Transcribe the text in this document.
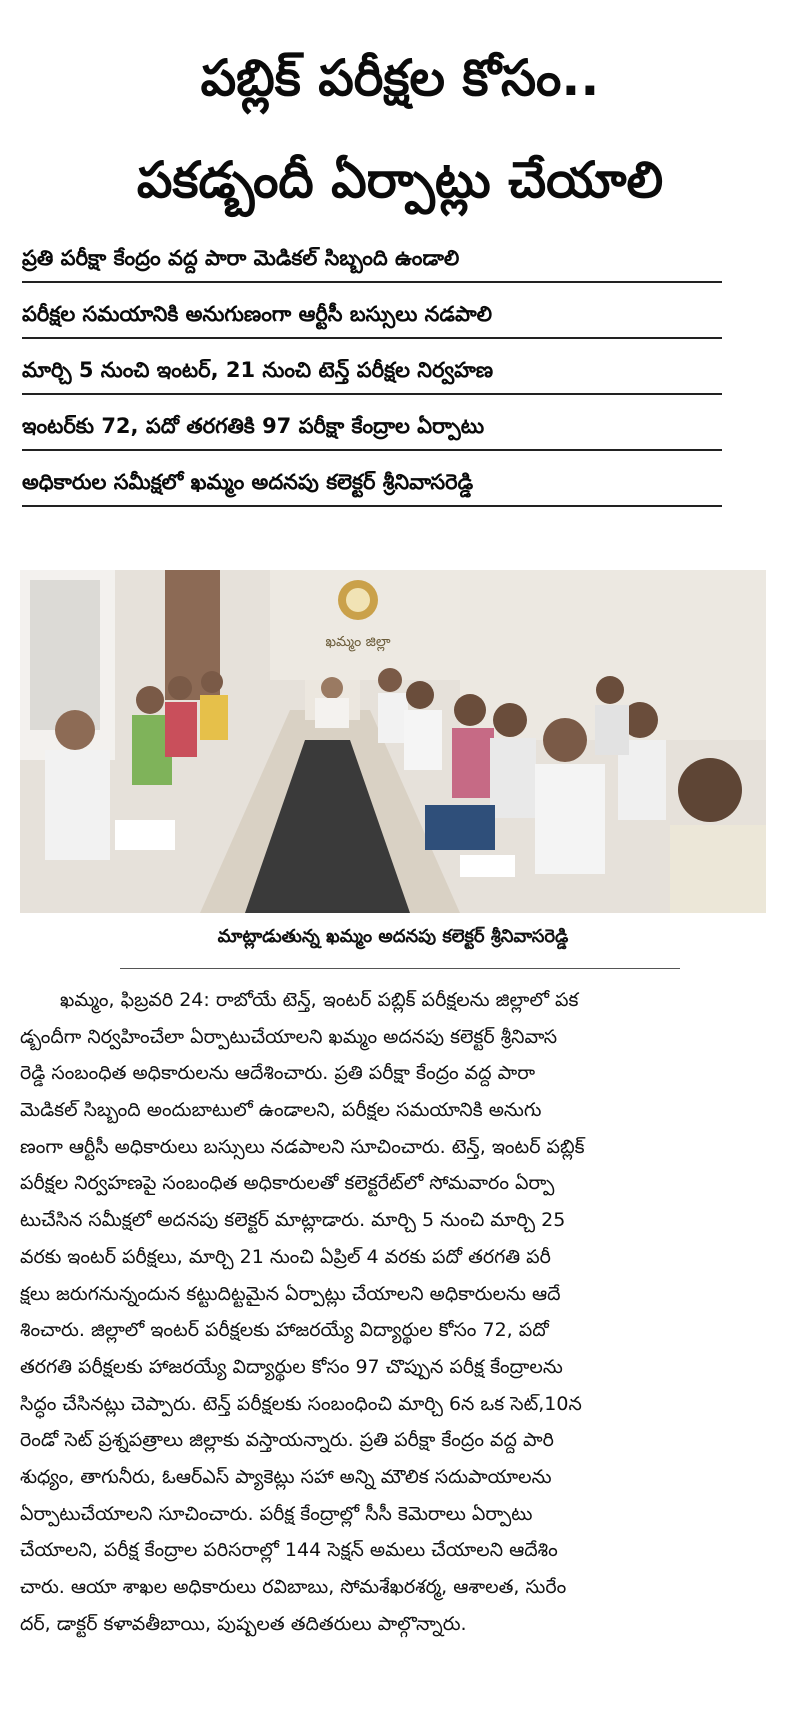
పబ్లిక్ పరీక్షల కోసం..
పకడ్బందీ ఏర్పాట్లు చేయాలి
ప్రతి పరీక్షా కేంద్రం వద్ద పారా మెడికల్ సిబ్బంది ఉండాలి
పరీక్షల సమయానికి అనుగుణంగా ఆర్టీసీ బస్సులు నడపాలి
మార్చి 5 నుంచి ఇంటర్, 21 నుంచి టెన్త్ పరీక్షల నిర్వహణ
ఇంటర్‌కు 72, పదో తరగతికి 97 పరీక్షా కేంద్రాల ఏర్పాటు
అధికారుల సమీక్షలో ఖమ్మం అదనపు కలెక్టర్ శ్రీనివాసరెడ్డి
ఖమ్మం జిల్లా
మాట్లాడుతున్న ఖమ్మం అదనపు కలెక్టర్ శ్రీనివాసరెడ్డి
ఖమ్మం, ఫిబ్రవరి 24: రాబోయే టెన్త్, ఇంటర్ పబ్లిక్ పరీక్షలను జిల్లాలో పక
డ్బందీగా నిర్వహించేలా ఏర్పాటుచేయాలని ఖమ్మం అదనపు కలెక్టర్ శ్రీనివాస
రెడ్డి సంబంధిత అధికారులను ఆదేశించారు. ప్రతి పరీక్షా కేంద్రం వద్ద పారా
మెడికల్ సిబ్బంది అందుబాటులో ఉండాలని, పరీక్షల సమయానికి అనుగు
ణంగా ఆర్టీసీ అధికారులు బస్సులు నడపాలని సూచించారు. టెన్త్, ఇంటర్ పబ్లిక్
పరీక్షల నిర్వహణపై సంబంధిత అధికారులతో కలెక్టరేట్‌లో సోమవారం ఏర్పా
టుచేసిన సమీక్షలో అదనపు కలెక్టర్ మాట్లాడారు. మార్చి 5 నుంచి మార్చి 25
వరకు ఇంటర్ పరీక్షలు, మార్చి 21 నుంచి ఏప్రిల్ 4 వరకు పదో తరగతి పరీ
క్షలు జరుగనున్నందున కట్టుదిట్టమైన ఏర్పాట్లు చేయాలని అధికారులను ఆదే
శించారు. జిల్లాలో ఇంటర్ పరీక్షలకు హాజరయ్యే విద్యార్థుల కోసం 72, పదో
తరగతి పరీక్షలకు హాజరయ్యే విద్యార్థుల కోసం 97 చొప్పున పరీక్ష కేంద్రాలను
సిద్ధం చేసినట్లు చెప్పారు. టెన్త్ పరీక్షలకు సంబంధించి మార్చి 6న ఒక సెట్,10న
రెండో సెట్ ప్రశ్నపత్రాలు జిల్లాకు వస్తాయన్నారు. ప్రతి పరీక్షా కేంద్రం వద్ద పారి
శుధ్యం, తాగునీరు, ఓఆర్ఎస్ ప్యాకెట్లు సహా అన్ని మౌలిక సదుపాయాలను
ఏర్పాటుచేయాలని సూచించారు. పరీక్ష కేంద్రాల్లో సీసీ కెమెరాలు ఏర్పాటు
చేయాలని, పరీక్ష కేంద్రాల పరిసరాల్లో 144 సెక్షన్ అమలు చేయాలని ఆదేశిం
చారు. ఆయా శాఖల అధికారులు రవిబాబు, సోమశేఖరశర్మ, ఆశాలత, సురేం
దర్, డాక్టర్ కళావతీబాయి, పుష్పలత తదితరులు పాల్గొన్నారు.
